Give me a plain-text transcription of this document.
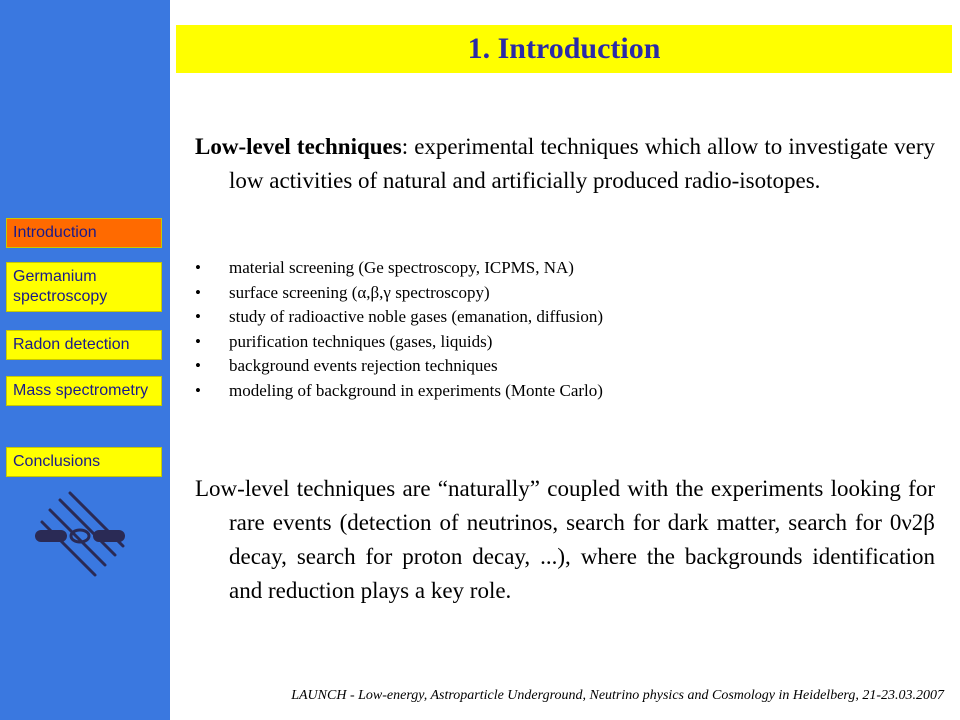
Introduction
Germanium spectroscopy
Radon detection
Mass spectrometry
Conclusions
1. Introduction

Low-level techniques: experimental techniques which allow to investigate very low activities of natural and artificially produced radio-isotopes.

• material screening (Ge spectroscopy, ICPMS, NA)
• surface screening (α,β,γ spectroscopy)
• study of radioactive noble gases (emanation, diffusion)
• purification techniques (gases, liquids)
• background events rejection techniques
• modeling of background in experiments (Monte Carlo)

Low-level techniques are “naturally” coupled with the experiments looking for rare events (detection of neutrinos, search for dark matter, search for 0ν2β decay, search for proton decay, ...), where the backgrounds identification and reduction plays a key role.

LAUNCH - Low-energy, Astroparticle Underground, Neutrino physics and Cosmology in Heidelberg, 21-23.03.2007
